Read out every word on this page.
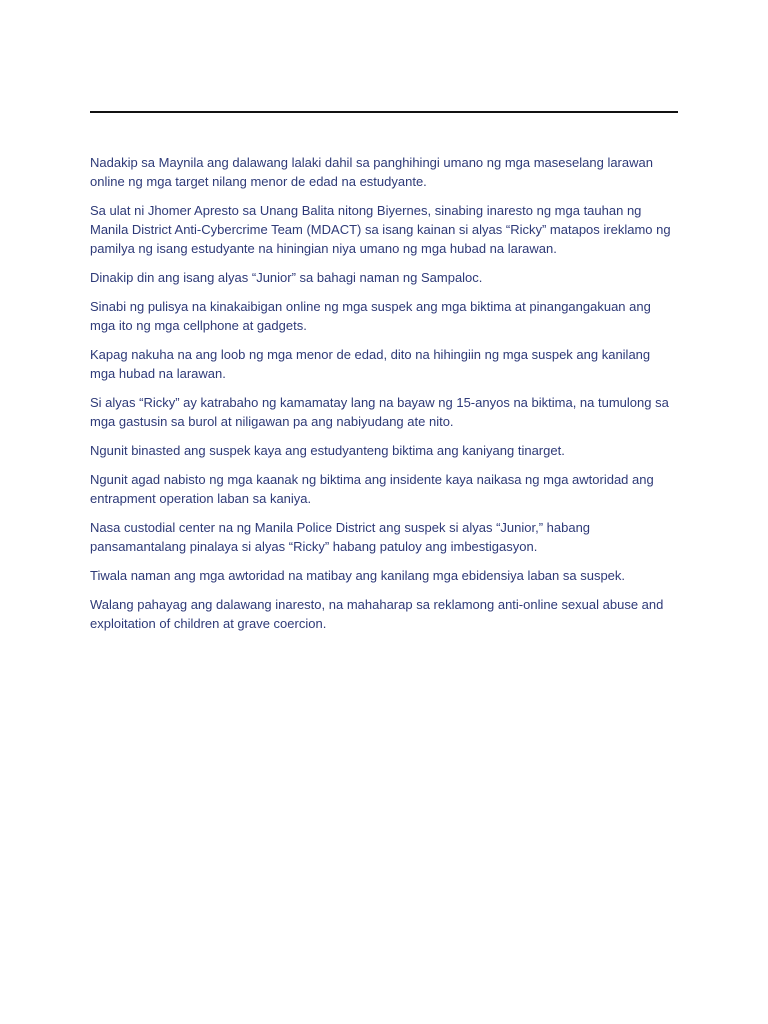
Nadakip sa Maynila ang dalawang lalaki dahil sa panghihingi umano ng mga maseselang larawan online ng mga target nilang menor de edad na estudyante.

Sa ulat ni Jhomer Apresto sa Unang Balita nitong Biyernes, sinabing inaresto ng mga tauhan ng Manila District Anti-Cybercrime Team (MDACT) sa isang kainan si alyas “Ricky” matapos ireklamo ng pamilya ng isang estudyante na hiningian niya umano ng mga hubad na larawan.

Dinakip din ang isang alyas “Junior” sa bahagi naman ng Sampaloc.

Sinabi ng pulisya na kinakaibigan online ng mga suspek ang mga biktima at pinangangakuan ang mga ito ng mga cellphone at gadgets.

Kapag nakuha na ang loob ng mga menor de edad, dito na hihingiin ng mga suspek ang kanilang mga hubad na larawan.

Si alyas “Ricky” ay katrabaho ng kamamatay lang na bayaw ng 15-anyos na biktima, na tumulong sa mga gastusin sa burol at niligawan pa ang nabiyudang ate nito.

Ngunit binasted ang suspek kaya ang estudyanteng biktima ang kaniyang tinarget.

Ngunit agad nabisto ng mga kaanak ng biktima ang insidente kaya naikasa ng mga awtoridad ang entrapment operation laban sa kaniya.

Nasa custodial center na ng Manila Police District ang suspek si alyas “Junior,” habang pansamantalang pinalaya si alyas “Ricky” habang patuloy ang imbestigasyon.

Tiwala naman ang mga awtoridad na matibay ang kanilang mga ebidensiya laban sa suspek.

Walang pahayag ang dalawang inaresto, na mahaharap sa reklamong anti-online sexual abuse and exploitation of children at grave coercion.
